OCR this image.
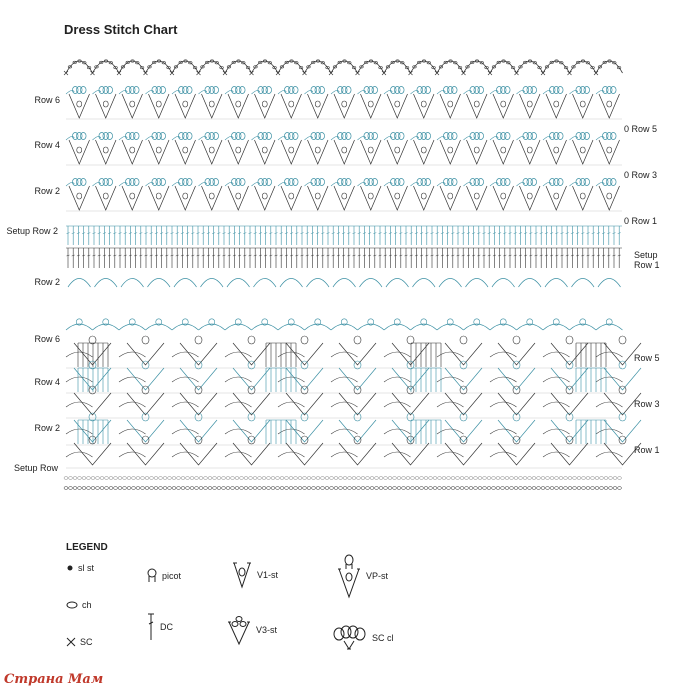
Dress Stitch Chart
Row 6
Row 4
Row 2
Setup Row 2
Row 2
0 Row 5
0 Row 3
0 Row 1
Setup Row 1
Row 6
Row 4
Row 2
Setup Row
Row 5
Row 3
Row 1
LEGEND
sl st
ch
SC
picot
DC
V1-st
V3-st
VP-st
SC cl
Страна Мам
